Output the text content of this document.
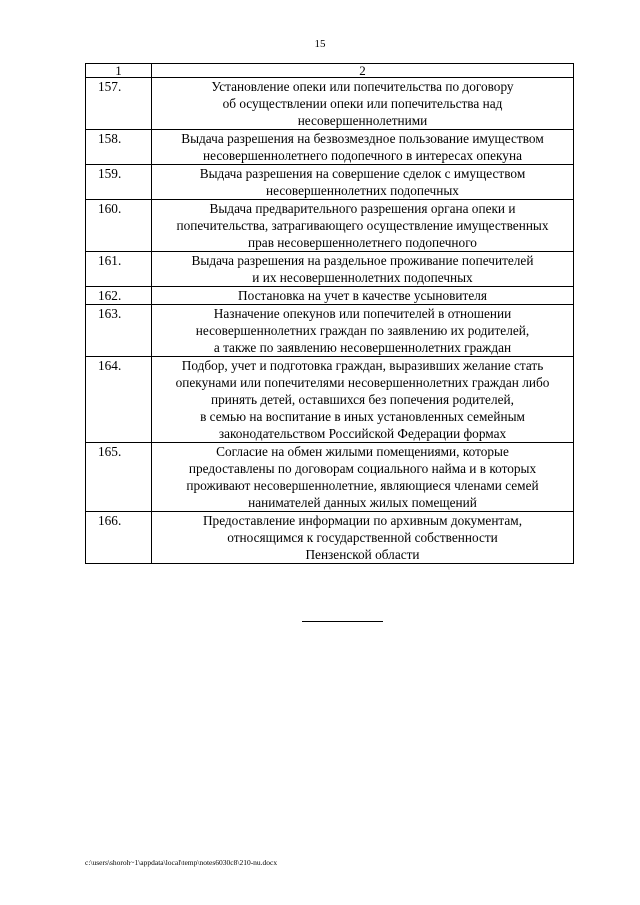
15
1	2
157.	Установление опеки или попечительства по договору
об осуществлении опеки или попечительства над
несовершеннолетними

158.	Выдача разрешения на безвозмездное пользование имуществом
несовершеннолетнего подопечного в интересах опекуна

159.	Выдача разрешения на совершение сделок с имуществом
несовершеннолетних подопечных

160.	Выдача предварительного разрешения органа опеки и
попечительства, затрагивающего осуществление имущественных
прав несовершеннолетнего подопечного

161.	Выдача разрешения на раздельное проживание попечителей
и их несовершеннолетних подопечных

162.	Постановка на учет в качестве усыновителя

163.	Назначение опекунов или попечителей в отношении
несовершеннолетних граждан по заявлению их родителей,
а также по заявлению несовершеннолетних граждан

164.	Подбор, учет и подготовка граждан, выразивших желание стать
опекунами или попечителями несовершеннолетних граждан либо
принять детей, оставшихся без попечения родителей,
в семью на воспитание в иных установленных семейным
законодательством Российской Федерации формах

165.	Согласие на обмен жилыми помещениями, которые
предоставлены по договорам социального найма и в которых
проживают несовершеннолетние, являющиеся членами семей
нанимателей данных жилых помещений

166.	Предоставление информации по архивным документам,
относящимся к государственной собственности
Пензенской области
c:\users\shoroh~1\appdata\local\temp\notes6030c8\210-nu.docx
